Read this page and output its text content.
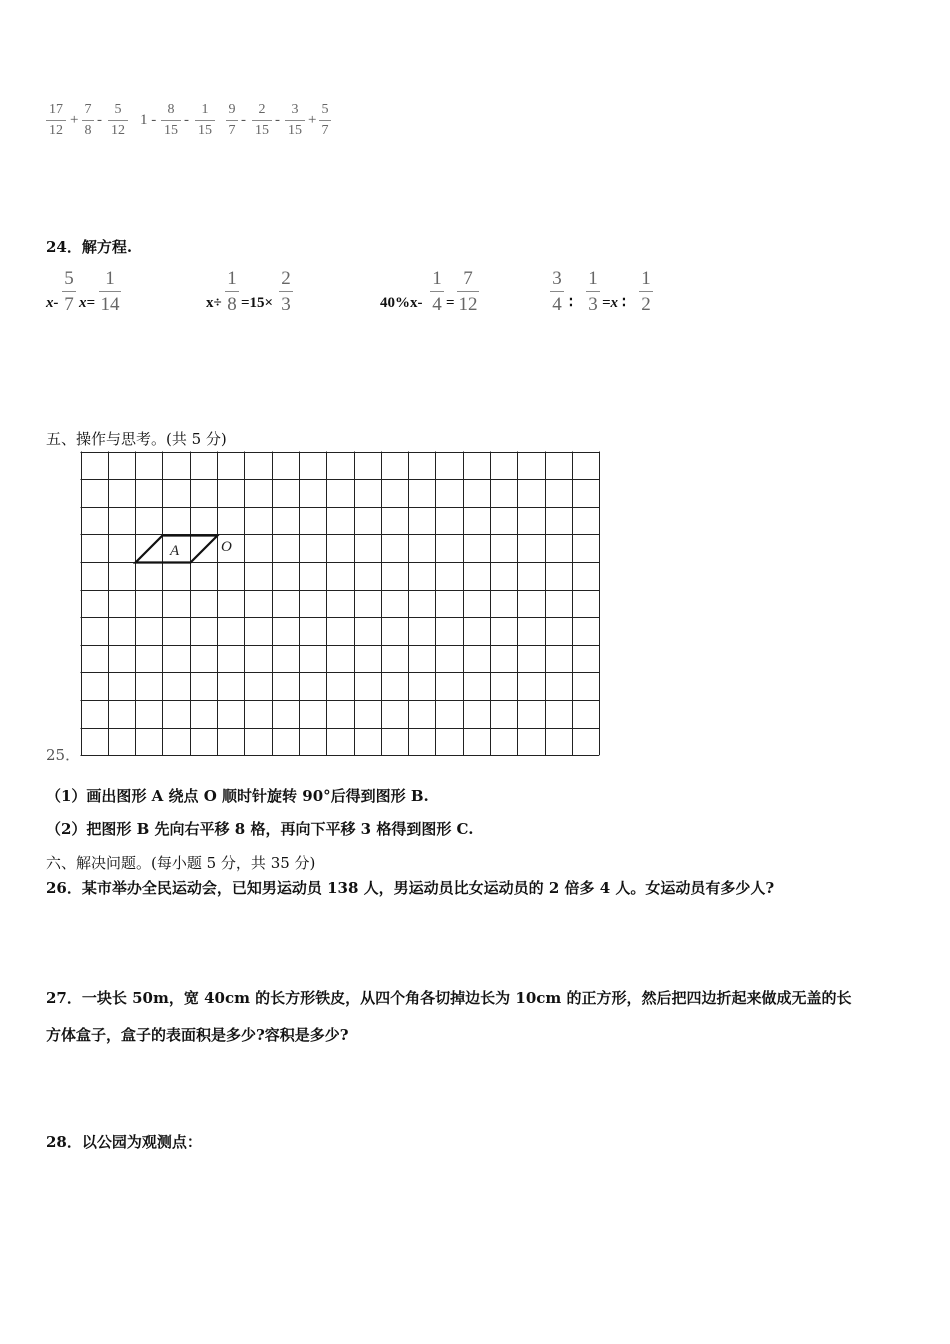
17
12
+
7
8
-
5
12
1 -
8
15
-
1
15
9
7
-
2
15
-
3
15
+
5
7
24．解方程.
x-
5
7 x=
1
14	x÷
1
8 =15×
2
3	40%x-
1
4 =
7
12
3
4 ∶
1
3 =x ∶
1
2
五、操作与思考。(共 5 分)
A	O
25．
（1）画出图形 A 绕点 O 顺时针旋转 90°后得到图形 B.
（2）把图形 B 先向右平移 8 格，再向下平移 3 格得到图形 C.
六、解决问题。(每小题 5 分，共 35 分)
26．某市举办全民运动会，已知男运动员 138 人，男运动员比女运动员的 2 倍多 4 人。女运动员有多少人?
27．一块长 50m，宽 40cm 的长方形铁皮，从四个角各切掉边长为 10cm 的正方形，然后把四边折起来做成无盖的长
方体盒子，盒子的表面积是多少?容积是多少?
28．以公园为观测点：
